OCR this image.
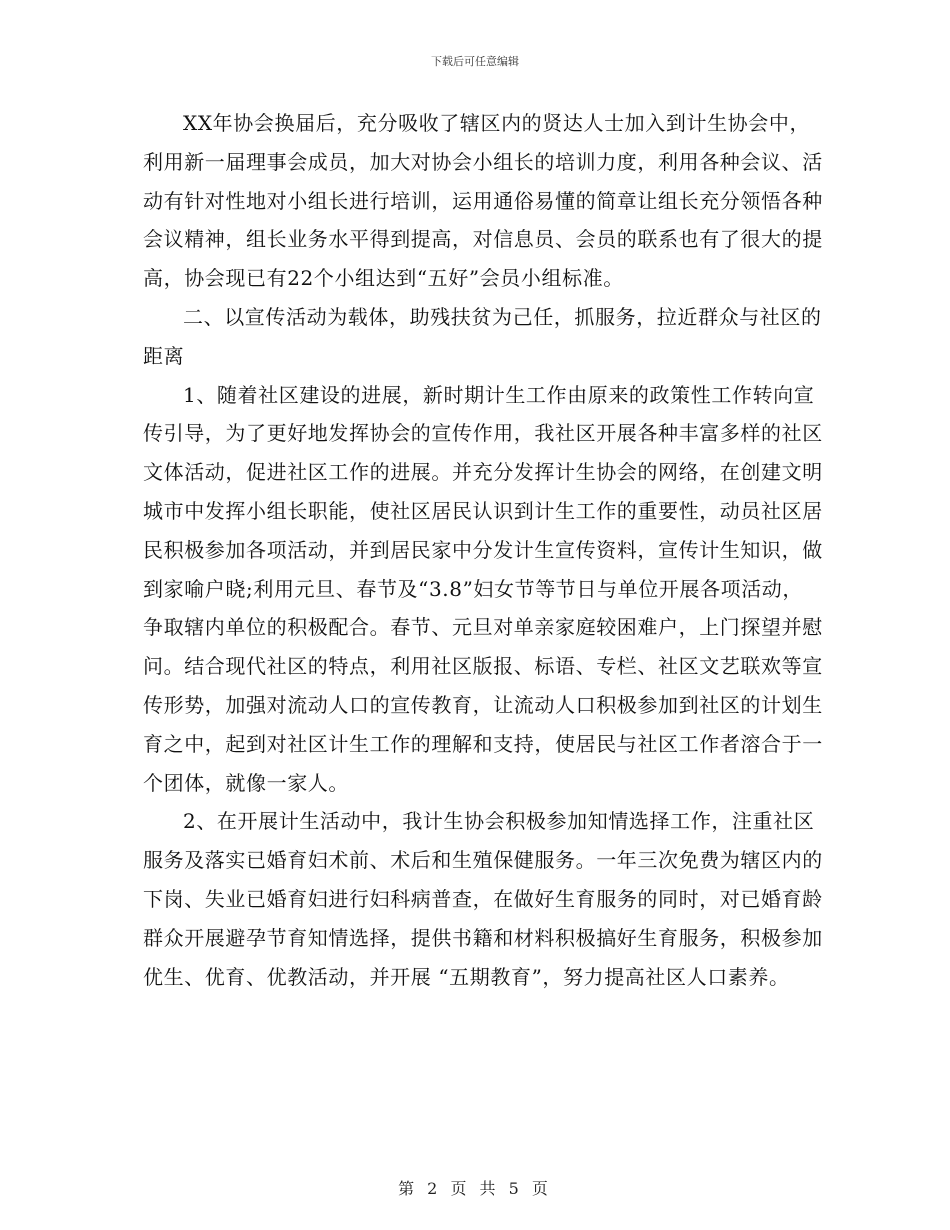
下载后可任意编辑

XX年协会换届后，充分吸收了辖区内的贤达人士加入到计生协会中，利用新一届理事会成员，加大对协会小组长的培训力度，利用各种会议、活动有针对性地对小组长进行培训，运用通俗易懂的简章让组长充分领悟各种会议精神，组长业务水平得到提高，对信息员、会员的联系也有了很大的提高，协会现已有22个小组达到“五好”会员小组标准。

二、以宣传活动为载体，助残扶贫为己任，抓服务，拉近群众与社区的距离

1、随着社区建设的进展，新时期计生工作由原来的政策性工作转向宣传引导，为了更好地发挥协会的宣传作用，我社区开展各种丰富多样的社区文体活动，促进社区工作的进展。并充分发挥计生协会的网络，在创建文明城市中发挥小组长职能，使社区居民认识到计生工作的重要性，动员社区居民积极参加各项活动，并到居民家中分发计生宣传资料，宣传计生知识，做到家喻户晓;利用元旦、春节及“3.8”妇女节等节日与单位开展各项活动，争取辖内单位的积极配合。春节、元旦对单亲家庭较困难户，上门探望并慰问。结合现代社区的特点，利用社区版报、标语、专栏、社区文艺联欢等宣传形势，加强对流动人口的宣传教育，让流动人口积极参加到社区的计划生育之中，起到对社区计生工作的理解和支持，使居民与社区工作者溶合于一个团体，就像一家人。

2、在开展计生活动中，我计生协会积极参加知情选择工作，注重社区服务及落实已婚育妇术前、术后和生殖保健服务。一年三次免费为辖区内的下岗、失业已婚育妇进行妇科病普查，在做好生育服务的同时，对已婚育龄群众开展避孕节育知情选择，提供书籍和材料积极搞好生育服务，积极参加优生、优育、优教活动，并开展 “五期教育”，努力提高社区人口素养。

第 2 页 共 5 页
